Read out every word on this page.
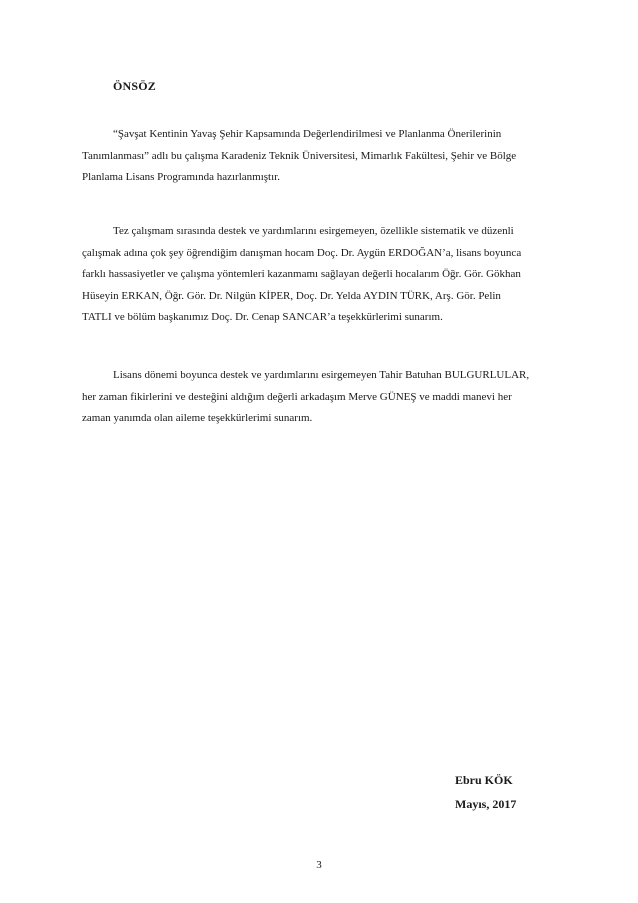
ÖNSÖZ

“Şavşat Kentinin Yavaş Şehir Kapsamında Değerlendirilmesi ve Planlanma Önerilerinin
Tanımlanması” adlı bu çalışma Karadeniz Teknik Üniversitesi, Mimarlık Fakültesi, Şehir ve Bölge
Planlama Lisans Programında hazırlanmıştır.

Tez çalışmam sırasında destek ve yardımlarını esirgemeyen, özellikle sistematik ve düzenli
çalışmak adına çok şey öğrendiğim danışman hocam Doç. Dr. Aygün ERDOĞAN’a, lisans boyunca
farklı hassasiyetler ve çalışma yöntemleri kazanmamı sağlayan değerli hocalarım Öğr. Gör. Gökhan
Hüseyin ERKAN, Öğr. Gör. Dr. Nilgün KİPER, Doç. Dr. Yelda AYDIN TÜRK, Arş. Gör. Pelin
TATLI ve bölüm başkanımız Doç. Dr. Cenap SANCAR’a teşekkürlerimi sunarım.

Lisans dönemi boyunca destek ve yardımlarını esirgemeyen Tahir Batuhan BULGURLULAR,
her zaman fikirlerini ve desteğini aldığım değerli arkadaşım Merve GÜNEŞ ve maddi manevi her
zaman yanımda olan aileme teşekkürlerimi sunarım.

Ebru KÖK
Mayıs, 2017
3
